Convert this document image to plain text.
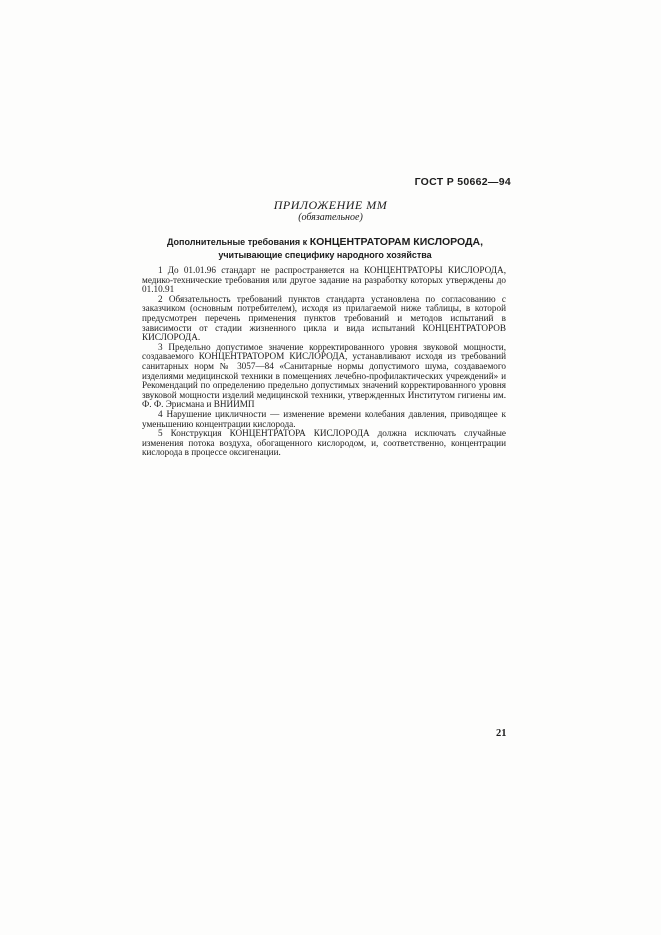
ГОСТ Р 50662—94
ПРИЛОЖЕНИЕ ММ
(обязательное)
Дополнительные требования к КОНЦЕНТРАТОРАМ КИСЛОРОДА,
учитывающие специфику народного хозяйства

1 До 01.01.96 стандарт не распространяется на КОНЦЕНТРАТОРЫ КИСЛОРОДА, медико-технические требования или другое задание на разработку которых утверждены до 01.10.91

2 Обязательность требований пунктов стандарта установлена по согласованию с заказчиком (основным потребителем), исходя из прилагаемой ниже таблицы, в которой предусмотрен перечень применения пунктов требований и методов испытаний в зависимости от стадии жизненного цикла и вида испытаний КОНЦЕНТРАТОРОВ КИСЛОРОДА.

3 Предельно допустимое значение корректированного уровня звуковой мощности, создаваемого КОНЦЕНТРАТОРОМ КИСЛОРОДА, устанавливают исходя из требований санитарных норм № 3057—84 «Санитарные нормы допустимого шума, создаваемого изделиями медицинской техники в помещениях лечебно-профилактических учреждений» и Рекомендаций по определению предельно допустимых значений корректированного уровня звуковой мощности изделий медицинской техники, утвержденных Институтом гигиены им. Ф. Ф. Эрисмана и ВНИИМП

4 Нарушение цикличности — изменение времени колебания давления, приводящее к уменьшению концентрации кислорода.

5 Конструкция КОНЦЕНТРАТОРА КИСЛОРОДА должна исключать случайные изменения потока воздуха, обогащенного кислородом, и, соответственно, концентрации кислорода в процессе оксигенации.

21
